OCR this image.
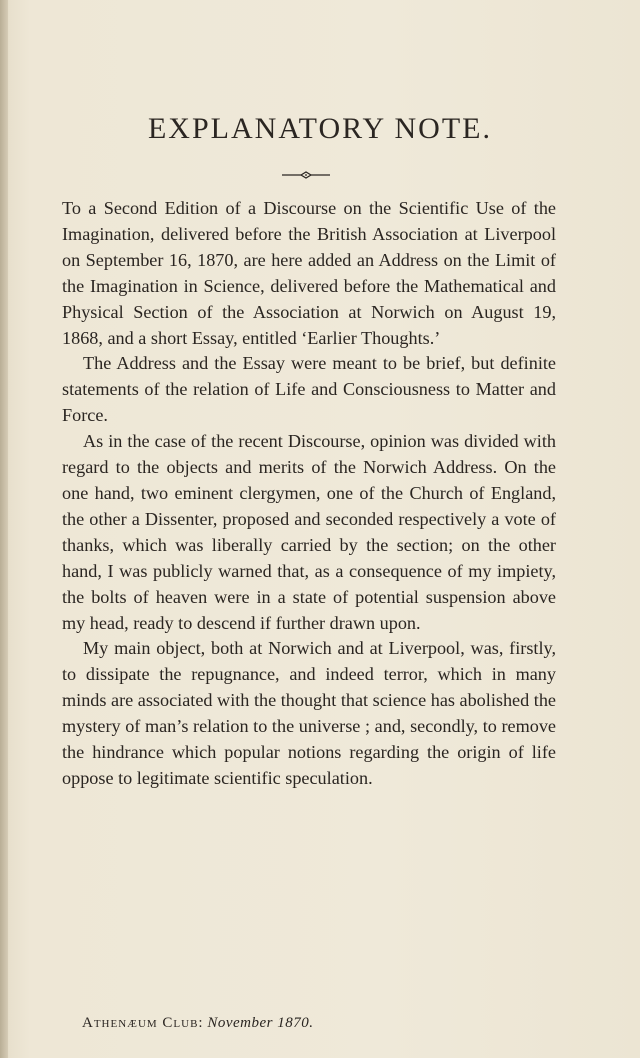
EXPLANATORY NOTE.

To a Second Edition of a Discourse on the Scientific Use of the Imagination, delivered before the British Association at Liverpool on September 16, 1870, are here added an Address on the Limit of the Imagination in Science, delivered before the Mathematical and Physical Section of the Association at Norwich on August 19, 1868, and a short Essay, entitled ‘Earlier Thoughts.’

The Address and the Essay were meant to be brief, but definite statements of the relation of Life and Consciousness to Matter and Force.

As in the case of the recent Discourse, opinion was divided with regard to the objects and merits of the Norwich Address. On the one hand, two eminent clergymen, one of the Church of England, the other a Dissenter, proposed and seconded respectively a vote of thanks, which was liberally carried by the section; on the other hand, I was publicly warned that, as a consequence of my impiety, the bolts of heaven were in a state of potential suspension above my head, ready to descend if further drawn upon.

My main object, both at Norwich and at Liverpool, was, firstly, to dissipate the repugnance, and indeed terror, which in many minds are associated with the thought that science has abolished the mystery of man’s relation to the universe ; and, secondly, to remove the hindrance which popular notions regarding the origin of life oppose to legitimate scientific speculation.

Athenæum Club: November 1870.
